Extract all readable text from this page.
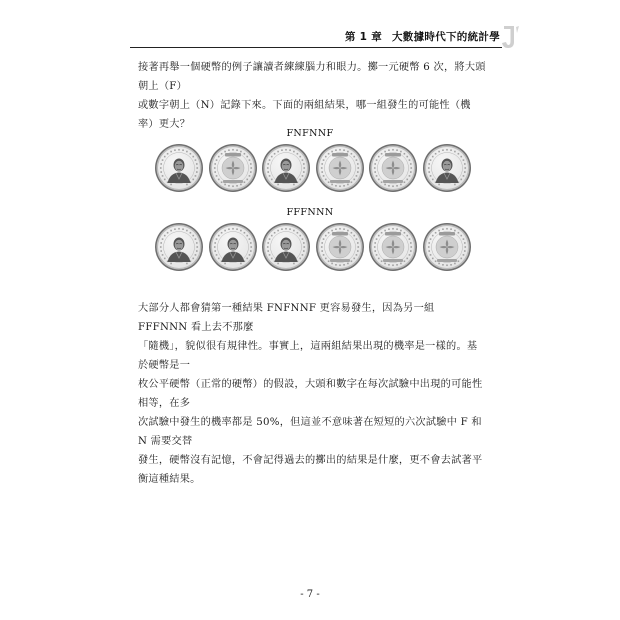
第 1 章 大數據時代下的統計學

接著再舉一個硬幣的例子讓讀者練練腦力和眼力。擲一元硬幣 6 次，將大頭朝上（F）

或數字朝上（N）記錄下來。下面的兩組結果，哪一組發生的可能性（機率）更大？

FNFNNF
FFFNNN

大部分人都會猜第一種結果 FNFNNF 更容易發生，因為另一組 FFFNNN 看上去不那麼

「隨機」，貌似很有規律性。事實上，這兩組結果出現的機率是一樣的。基於硬幣是一

枚公平硬幣（正常的硬幣）的假設，大頭和數字在每次試驗中出現的可能性相等，在多

次試驗中發生的機率都是 50%，但這並不意味著在短短的六次試驗中 F 和 N 需要交替

發生，硬幣沒有記憶，不會記得過去的擲出的結果是什麼，更不會去試著平衡這種結果。

- 7 -
